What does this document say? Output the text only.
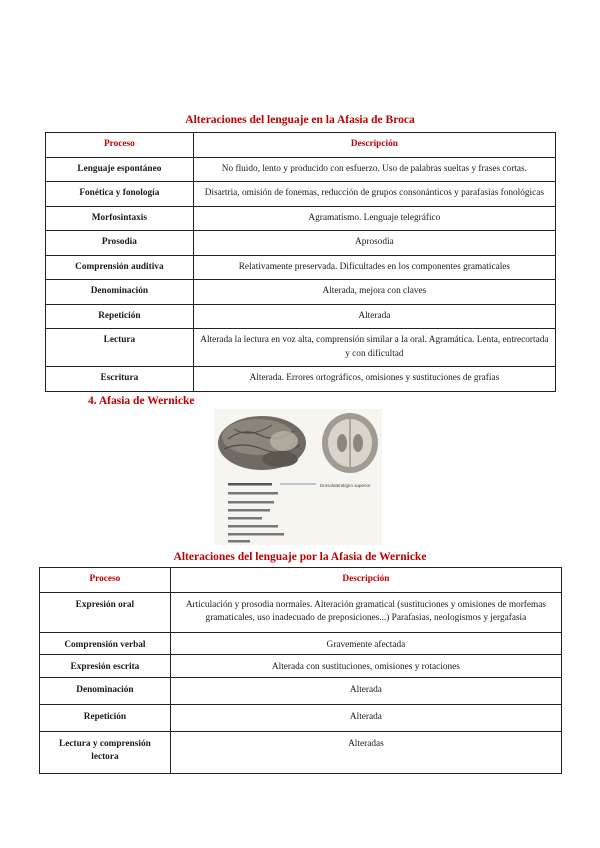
Alteraciones del lenguaje en la Afasia de Broca
Proceso	Descripción
Lenguaje espontáneo	No fluido, lento y producido con esfuerzo. Uso de palabras sueltas y frases cortas.
Fonética y fonología	Disartria, omisión de fonemas, reducción de grupos consonánticos y parafasias fonológicas
Morfosintaxis	Agramatismo. Lenguaje telegráfico
Prosodia	Aprosodia
Comprensión auditiva	Relativamente preservada. Dificultades en los componentes gramaticales
Denominación	Alterada, mejora con claves
Repetición	Alterada
Lectura	Alterada la lectura en voz alta, comprensión similar a la oral. Agramática. Lenta, entrecortada y con dificultad
Escritura	Alterada. Errores ortográficos, omisiones y sustituciones de grafías
4. Afasia de Wernicke
Dorsolateral/giro superior
Alteraciones del lenguaje por la Afasia de Wernicke
Proceso	Descripción
Expresión oral	Articulación y prosodia normales. Alteración gramatical (sustituciones y omisiones de morfemas gramaticales, uso inadecuado de preposiciones...) Parafasias, neologismos y jergafasia
Comprensión verbal	Gravemente afectada
Expresión escrita	Alterada con sustituciones, omisiones y rotaciones
Denominación	Alterada
Repetición	Alterada
Lectura y comprensión lectora	Alteradas
